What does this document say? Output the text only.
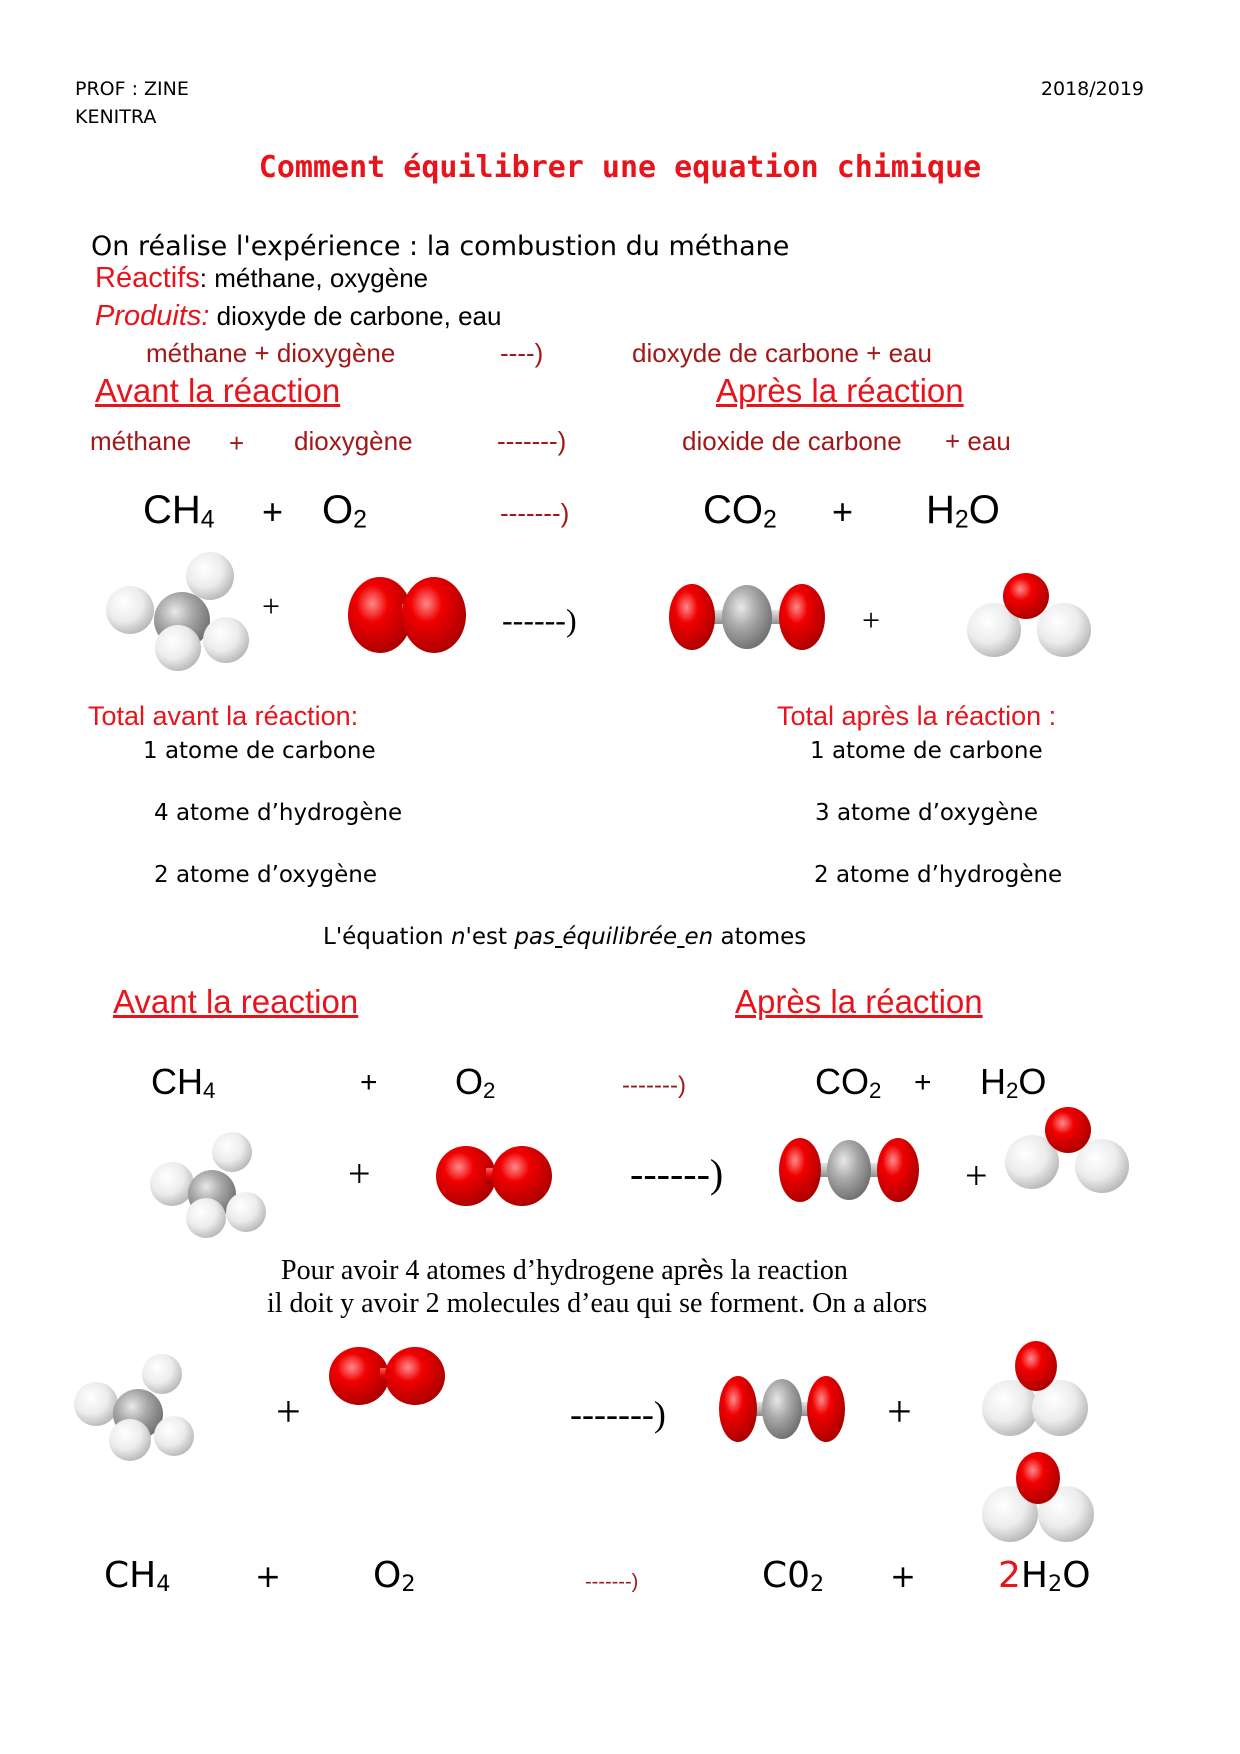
PROF : ZINE
KENITRA
2018/2019
Comment équilibrer une equation chimique
On réalise l'expérience : la combustion du méthane
Réactifs: méthane, oxygène
Produits: dioxyde de carbone, eau
méthane + dioxygène	----)	dioxyde de carbone + eau
Avant la réaction	Après la réaction
méthane + dioxygène	-------)	dioxide de carbone + eau
$CH_4 + O_2$	-------)	$CO_2 + H_2O$
+	------)	+
Total avant la réaction:
1 atome de carbone
4 atome d’hydrogène
2 atome d’oxygène
Total après la réaction :
1 atome de carbone
3 atome d’oxygène
2 atome d’hydrogène
L'équation n'est pas équilibrée en atomes
Avant la reaction	Après la réaction
$CH_4$	+ $O_2$	-------)	$CO_2 + H_2O$
+	------)	+
Pour avoir 4 atomes d’hydrogene après la reaction
il doit y avoir 2 molecules d’eau qui se forment. On a alors
+	-------)	+
$CH_4$	+	$O_2$	-------)	$C0_2 + 2H_2O$
